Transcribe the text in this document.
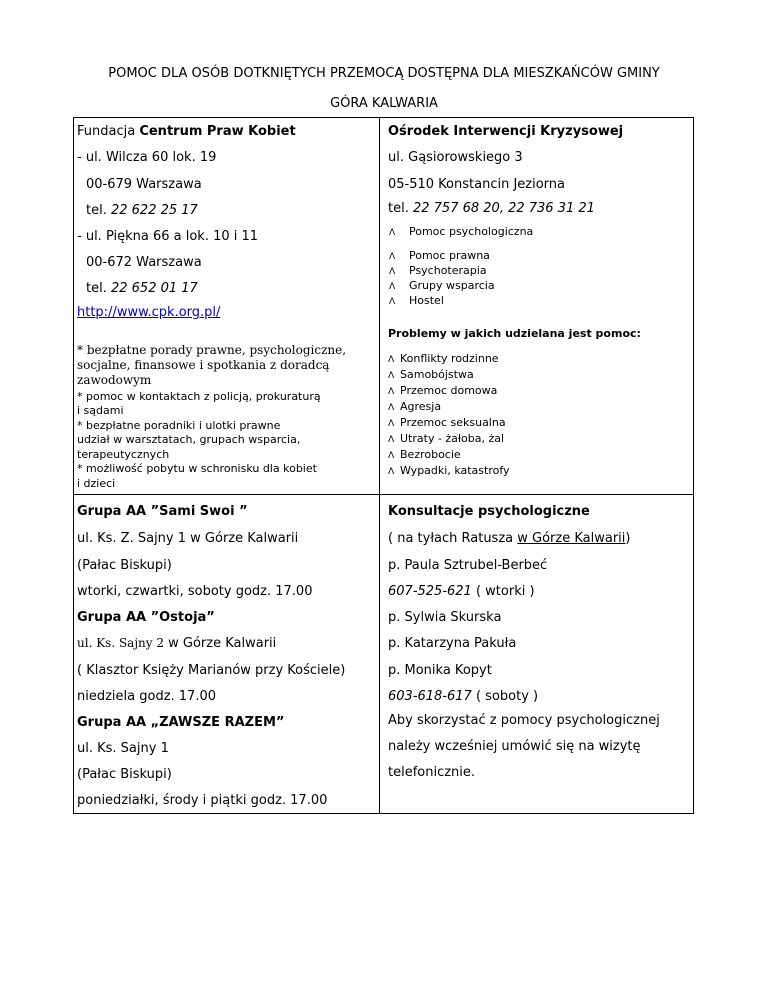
POMOC DLA OSÓB DOTKNIĘTYCH PRZEMOCĄ DOSTĘPNA DLA MIESZKAŃCÓW GMINY
GÓRA KALWARIA
Fundacja Centrum Praw Kobiet
- ul. Wilcza 60 lok. 19
00-679 Warszawa
tel. 22 622 25 17
- ul. Piękna 66 a lok. 10 i 11
00-672 Warszawa
tel. 22 652 01 17
http://www.cpk.org.pl/
* bezpłatne porady prawne, psychologiczne,
socjalne, finansowe i spotkania z doradcą
zawodowym
* pomoc w kontaktach z policją, prokuraturą
i sądami
* bezpłatne poradniki i ulotki prawne
udział w warsztatach, grupach wsparcia,
terapeutycznych
* możliwość pobytu w schronisku dla kobiet
i dzieci
Ośrodek Interwencji Kryzysowej
ul. Gąsiorowskiego 3
05-510 Konstancin Jeziorna
tel. 22 757 68 20, 22 736 31 21
Ʌ Pomoc psychologiczna
Ʌ Pomoc prawna
Ʌ Psychoterapia
Ʌ Grupy wsparcia
Ʌ Hostel
Problemy w jakich udzielana jest pomoc:
Ʌ Konflikty rodzinne
Ʌ Samobójstwa
Ʌ Przemoc domowa
Ʌ Agresja
Ʌ Przemoc seksualna
Ʌ Utraty - żałoba, żal
Ʌ Bezrobocie
Ʌ Wypadki, katastrofy
Grupa AA ”Sami Swoi ”
ul. Ks. Z. Sajny 1 w Górze Kalwarii
(Pałac Biskupi)
wtorki, czwartki, soboty godz. 17.00
Grupa AA ”Ostoja”
ul. Ks. Sajny 2 w Górze Kalwarii
( Klasztor Księży Marianów przy Kościele)
niedziela godz. 17.00
Grupa AA „ZAWSZE RAZEM”
ul. Ks. Sajny 1
(Pałac Biskupi)
poniedziałki, środy i piątki godz. 17.00
Konsultacje psychologiczne
( na tyłach Ratusza w Górze Kalwarii)
p. Paula Sztrubel-Berbeć
607-525-621 ( wtorki )
p. Sylwia Skurska
p. Katarzyna Pakuła
p. Monika Kopyt
603-618-617 ( soboty )
Aby skorzystać z pomocy psychologicznej
należy wcześniej umówić się na wizytę
telefonicznie.
